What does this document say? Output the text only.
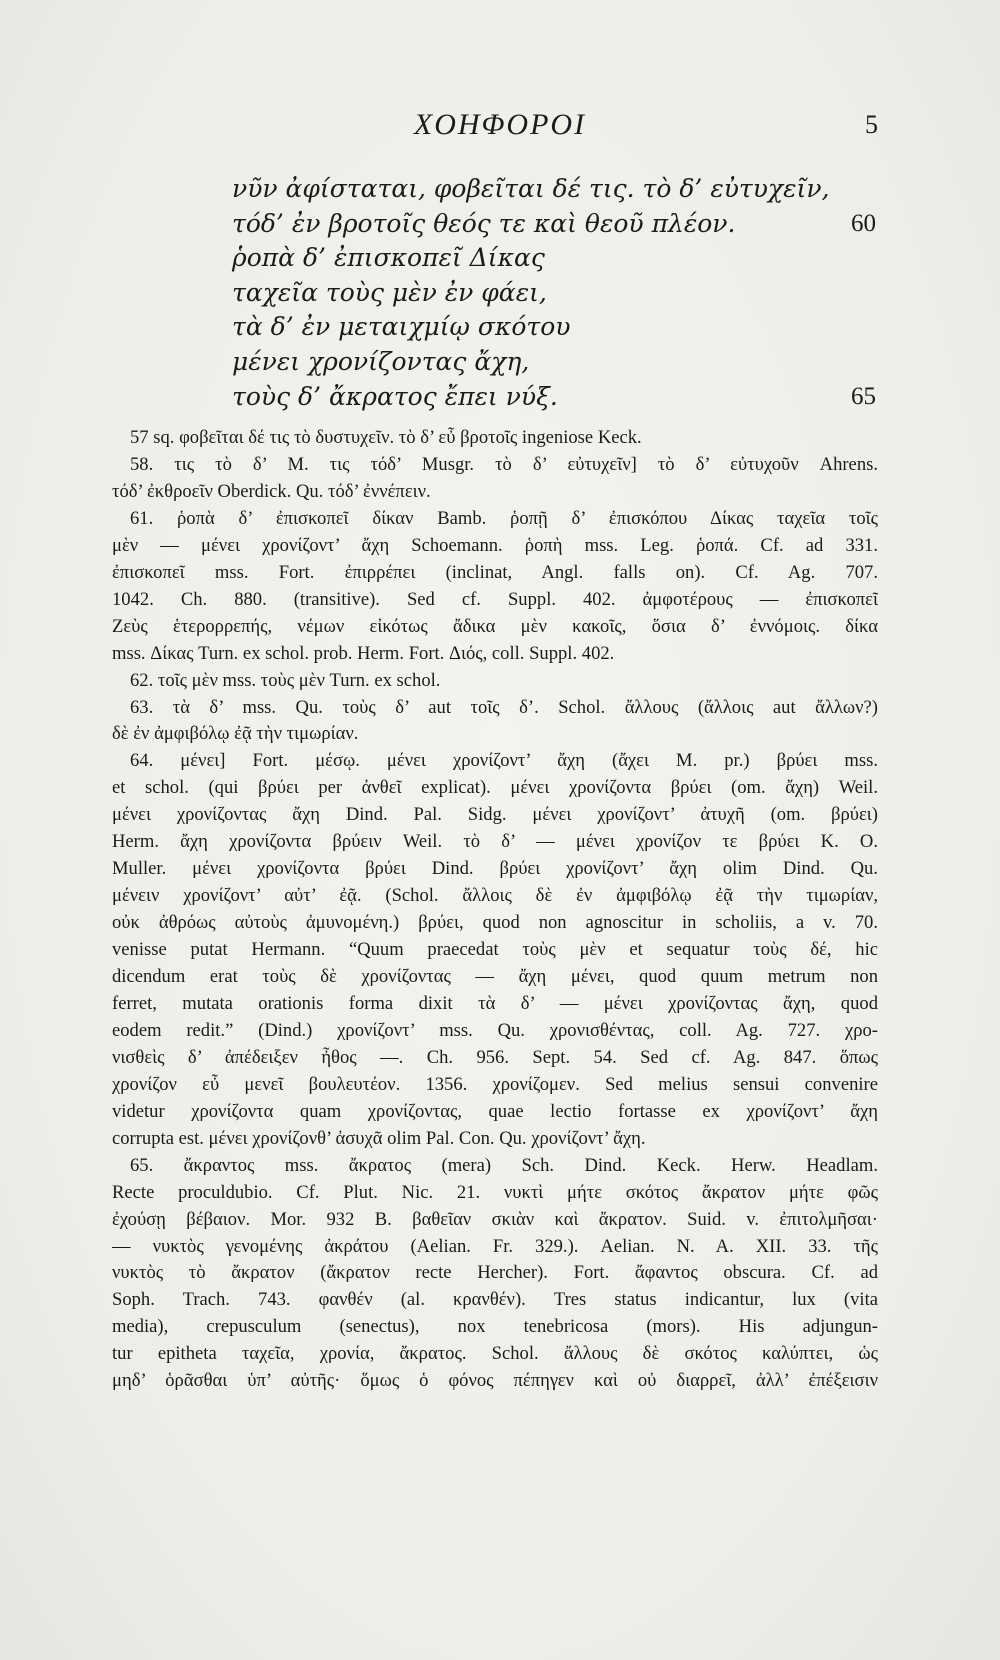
ΧΟΗΦΟΡΟΙ	5
νῦν ἀφίσταται, φοβεῖται δέ τις. τὸ δ’ εὐτυχεῖν,
τόδ’ ἐν βροτοῖς θεός τε καὶ θεοῦ πλέον.	60
ῥοπὰ δ’ ἐπισκοπεῖ Δίκας
ταχεῖα τοὺς μὲν ἐν φάει,
τὰ δ’ ἐν μεταιχμίῳ σκότου
μένει χρονίζοντας ἄχη,
τοὺς δ’ ἄκρατος ἔπει νύξ.	65
57 sq. φοβεῖται δέ τις τὸ δυστυχεῖν. τὸ δ’ εὖ βροτοῖς ingeniose Keck.
58. τις τὸ δ’ M. τις τόδ’ Musgr. τὸ δ’ εὐτυχεῖν] τὸ δ’ εὐτυχοῦν Ahrens.
τόδ’ ἐκθρoεῖν Oberdick. Qu. τόδ’ ἐννέπειν.
61. ῥοπὰ δ’ ἐπισκοπεῖ δίκαν Bamb. ῥοπῇ δ’ ἐπισκόπου Δίκας ταχεῖα τοῖς
μὲν — μένει χρονίζοντ’ ἄχη Schoemann. ῥοπὴ mss. Leg. ῥοπά. Cf. ad 331.
ἐπισκοπεῖ mss. Fort. ἐπιρρέπει (inclinat, Angl. falls on). Cf. Ag. 707.
1042. Ch. 880. (transitive). Sed cf. Suppl. 402. ἀμφοτέρους — ἐπισκοπεῖ
Ζεὺς ἑτερορρεπής, νέμων εἰκότως ἄδικα μὲν κακοῖς, ὅσια δ’ ἐννόμοις. δίκα
mss. Δίκας Turn. ex schol. prob. Herm. Fort. Διός, coll. Suppl. 402.
62. τοῖς μὲν mss. τοὺς μὲν Turn. ex schol.
63. τὰ δ’ mss. Qu. τοὺς δ’ aut τοῖς δ’. Schol. ἄλλους (ἄλλοις aut ἄλλων?)
δὲ ἐν ἀμφιβόλῳ ἐᾷ τὴν τιμωρίαν.
64. μένει] Fort. μέσῳ. μένει χρονίζοντ’ ἄχη (ἄχει M. pr.) βρύει mss.
et schol. (qui βρύει per ἀνθεῖ explicat). μένει χρονίζοντα βρύει (om. ἄχη) Weil.
μένει χρονίζοντας ἄχη Dind. Pal. Sidg. μένει χρονίζοντ’ ἀτυχῆ (om. βρύει)
Herm. ἄχη χρονίζοντα βρύειν Weil. τὸ δ’ — μένει χρονίζον τε βρύει K. O.
Muller. μένει χρονίζοντα βρύει Dind. βρύει χρονίζοντ’ ἄχη olim Dind. Qu.
μένειν χρονίζοντ’ αὐτ’ ἐᾷ. (Schol. ἄλλοις δὲ ἐν ἀμφιβόλῳ ἐᾷ τὴν τιμωρίαν,
οὐκ ἀθρόως αὐτοὺς ἀμυνομένη.) βρύει, quod non agnoscitur in scholiis, a v. 70.
venisse putat Hermann. “Quum praecedat τοὺς μὲν et sequatur τοὺς δέ, hic
dicendum erat τοὺς δὲ χρονίζοντας — ἄχη μένει, quod quum metrum non
ferret, mutata orationis forma dixit τὰ δ’ — μένει χρονίζοντας ἄχη, quod
eodem redit.” (Dind.) χρονίζοντ’ mss. Qu. χρονισθέντας, coll. Ag. 727. χρο-
νισθεὶς δ’ ἀπέδειξεν ἦθος —. Ch. 956. Sept. 54. Sed cf. Ag. 847. ὅπως
χρονίζον εὖ μενεῖ βουλευτέον. 1356. χρονίζομεν. Sed melius sensui convenire
videtur χρονίζοντα quam χρονίζοντας, quae lectio fortasse ex χρονίζοντ’ ἄχη
corrupta est. μένει χρονίζονθ’ ἀσυχᾶ olim Pal. Con. Qu. χρονίζοντ’ ἄχη.
65. ἄκραντος mss. ἄκρατος (mera) Sch. Dind. Keck. Herw. Headlam.
Recte proculdubio. Cf. Plut. Nic. 21. νυκτὶ μήτε σκότος ἄκρατον μήτε φῶς
ἐχούσῃ βέβαιον. Mor. 932 B. βαθεῖαν σκιὰν καὶ ἄκρατον. Suid. v. ἐπιτολμῆσαι·
— νυκτὸς γενομένης ἀκράτου (Aelian. Fr. 329.). Aelian. N. A. XII. 33. τῆς
νυκτὸς τὸ ἄκρατον (ἄκρατον recte Hercher). Fort. ἄφαντος obscura. Cf. ad
Soph. Trach. 743. φανθέν (al. κρανθέν). Tres status indicantur, lux (vita
media), crepusculum (senectus), nox tenebricosa (mors). His adjungun-
tur epitheta ταχεῖα, χρονία, ἄκρατος. Schol. ἄλλους δὲ σκότος καλύπτει, ὡς
μηδ’ ὁρᾶσθαι ὑπ’ αὐτῆς· ὅμως ὁ φόνος πέπηγεν καὶ οὐ διαρρεῖ, ἀλλ’ ἐπέξεισιν
